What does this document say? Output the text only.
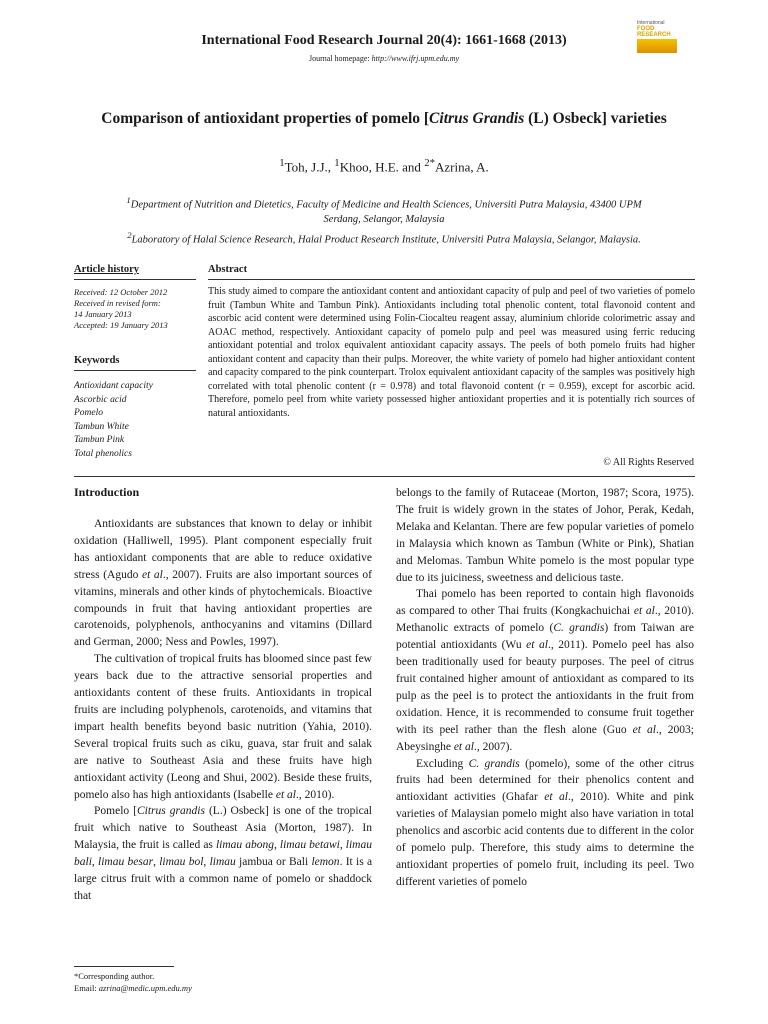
International Food Research Journal 20(4): 1661-1668 (2013)
Journal homepage: http://www.ifrj.upm.edu.my
International
FOOD RESEARCH
Comparison of antioxidant properties of pomelo [Citrus Grandis (L) Osbeck] varieties
$^1$Toh, J.J., $^1$Khoo, H.E. and $^{2*}$Azrina, A.
$^1$Department of Nutrition and Dietetics, Faculty of Medicine and Health Sciences, Universiti Putra Malaysia, 43400 UPM Serdang, Selangor, Malaysia
$^2$Laboratory of Halal Science Research, Halal Product Research Institute, Universiti Putra Malaysia, Selangor, Malaysia.
Article history
Received: 12 October 2012
Received in revised form:
14 January 2013
Accepted: 19 January 2013
Keywords
Antioxidant capacity
Ascorbic acid
Pomelo
Tambun White
Tambun Pink
Total phenolics
Abstract
This study aimed to compare the antioxidant content and antioxidant capacity of pulp and peel of two varieties of pomelo fruit (Tambun White and Tambun Pink). Antioxidants including total phenolic content, total flavonoid content and ascorbic acid content were determined using Folin-Ciocalteu reagent assay, aluminium chloride colorimetric assay and AOAC method, respectively. Antioxidant capacity of pomelo pulp and peel was measured using ferric reducing antioxidant potential and trolox equivalent antioxidant capacity assays. The peels of both pomelo fruits had higher antioxidant content and capacity than their pulps. Moreover, the white variety of pomelo had higher antioxidant content and capacity compared to the pink counterpart. Trolox equivalent antioxidant capacity of the samples was positively high correlated with total phenolic content (r = 0.978) and total flavonoid content (r = 0.959), except for ascorbic acid. Therefore, pomelo peel from white variety possessed higher antioxidant properties and it is potentially rich sources of natural antioxidants.
© All Rights Reserved
Introduction

Antioxidants are substances that known to delay or inhibit oxidation (Halliwell, 1995). Plant component especially fruit has antioxidant components that are able to reduce oxidative stress (Agudo et al., 2007). Fruits are also important sources of vitamins, minerals and other kinds of phytochemicals. Bioactive compounds in fruit that having antioxidant properties are carotenoids, polyphenols, anthocyanins and vitamins (Dillard and German, 2000; Ness and Powles, 1997).

The cultivation of tropical fruits has bloomed since past few years back due to the attractive sensorial properties and antioxidants content of these fruits. Antioxidants in tropical fruits are including polyphenols, carotenoids, and vitamins that impart health benefits beyond basic nutrition (Yahia, 2010). Several tropical fruits such as ciku, guava, star fruit and salak are native to Southeast Asia and these fruits have high antioxidant activity (Leong and Shui, 2002). Beside these fruits, pomelo also has high antioxidants (Isabelle et al., 2010).

Pomelo [Citrus grandis (L.) Osbeck] is one of the tropical fruit which native to Southeast Asia (Morton, 1987). In Malaysia, the fruit is called as limau abong, limau betawi, limau bali, limau besar, limau bol, limau jambua or Bali lemon. It is a large citrus fruit with a common name of pomelo or shaddock that

belongs to the family of Rutaceae (Morton, 1987; Scora, 1975). The fruit is widely grown in the states of Johor, Perak, Kedah, Melaka and Kelantan. There are few popular varieties of pomelo in Malaysia which known as Tambun (White or Pink), Shatian and Melomas. Tambun White pomelo is the most popular type due to its juiciness, sweetness and delicious taste.

Thai pomelo has been reported to contain high flavonoids as compared to other Thai fruits (Kongkachuichai et al., 2010). Methanolic extracts of pomelo (C. grandis) from Taiwan are potential antioxidants (Wu et al., 2011). Pomelo peel has also been traditionally used for beauty purposes. The peel of citrus fruit contained higher amount of antioxidant as compared to its pulp as the peel is to protect the antioxidants in the fruit from oxidation. Hence, it is recommended to consume fruit together with its peel rather than the flesh alone (Guo et al., 2003; Abeysinghe et al., 2007).

Excluding C. grandis (pomelo), some of the other citrus fruits had been determined for their phenolics content and antioxidant activities (Ghafar et al., 2010). White and pink varieties of Malaysian pomelo might also have variation in total phenolics and ascorbic acid contents due to different in the color of pomelo pulp. Therefore, this study aims to determine the antioxidant properties of pomelo fruit, including its peel. Two different varieties of pomelo

*Corresponding author.
Email: azrina@medic.upm.edu.my
